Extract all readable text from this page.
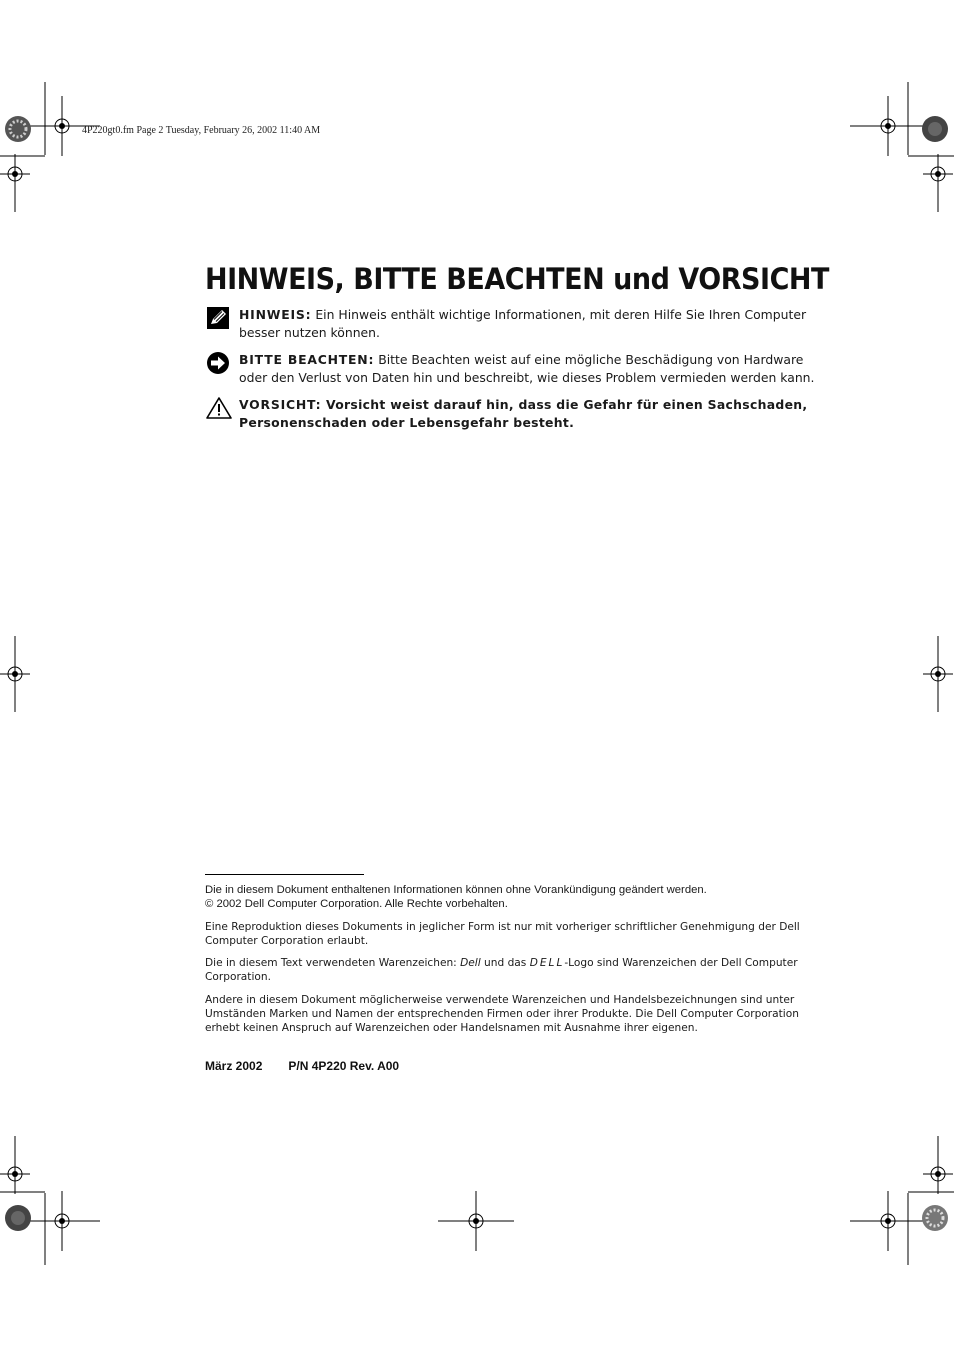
4P220gt0.fm Page 2 Tuesday, February 26, 2002 11:40 AM
HINWEIS, BITTE BEACHTEN und VORSICHT
HINWEIS: Ein Hinweis enthält wichtige Informationen, mit deren Hilfe Sie Ihren Computer besser nutzen können.
BITTE BEACHTEN: Bitte Beachten weist auf eine mögliche Beschädigung von Hardware oder den Verlust von Daten hin und beschreibt, wie dieses Problem vermieden werden kann.
VORSICHT: Vorsicht weist darauf hin, dass die Gefahr für einen Sachschaden, Personenschaden oder Lebensgefahr besteht.
Die in diesem Dokument enthaltenen Informationen können ohne Vorankündigung geändert werden.
© 2002 Dell Computer Corporation. Alle Rechte vorbehalten.
Eine Reproduktion dieses Dokuments in jeglicher Form ist nur mit vorheriger schriftlicher Genehmigung der Dell Computer Corporation erlaubt.
Die in diesem Text verwendeten Warenzeichen: Dell und das DELL-Logo sind Warenzeichen der Dell Computer Corporation.
Andere in diesem Dokument möglicherweise verwendete Warenzeichen und Handelsbezeichnungen sind unter Umständen Marken und Namen der entsprechenden Firmen oder ihrer Produkte. Die Dell Computer Corporation erhebt keinen Anspruch auf Warenzeichen oder Handelsnamen mit Ausnahme ihrer eigenen.
März 2002 P/N 4P220 Rev. A00
